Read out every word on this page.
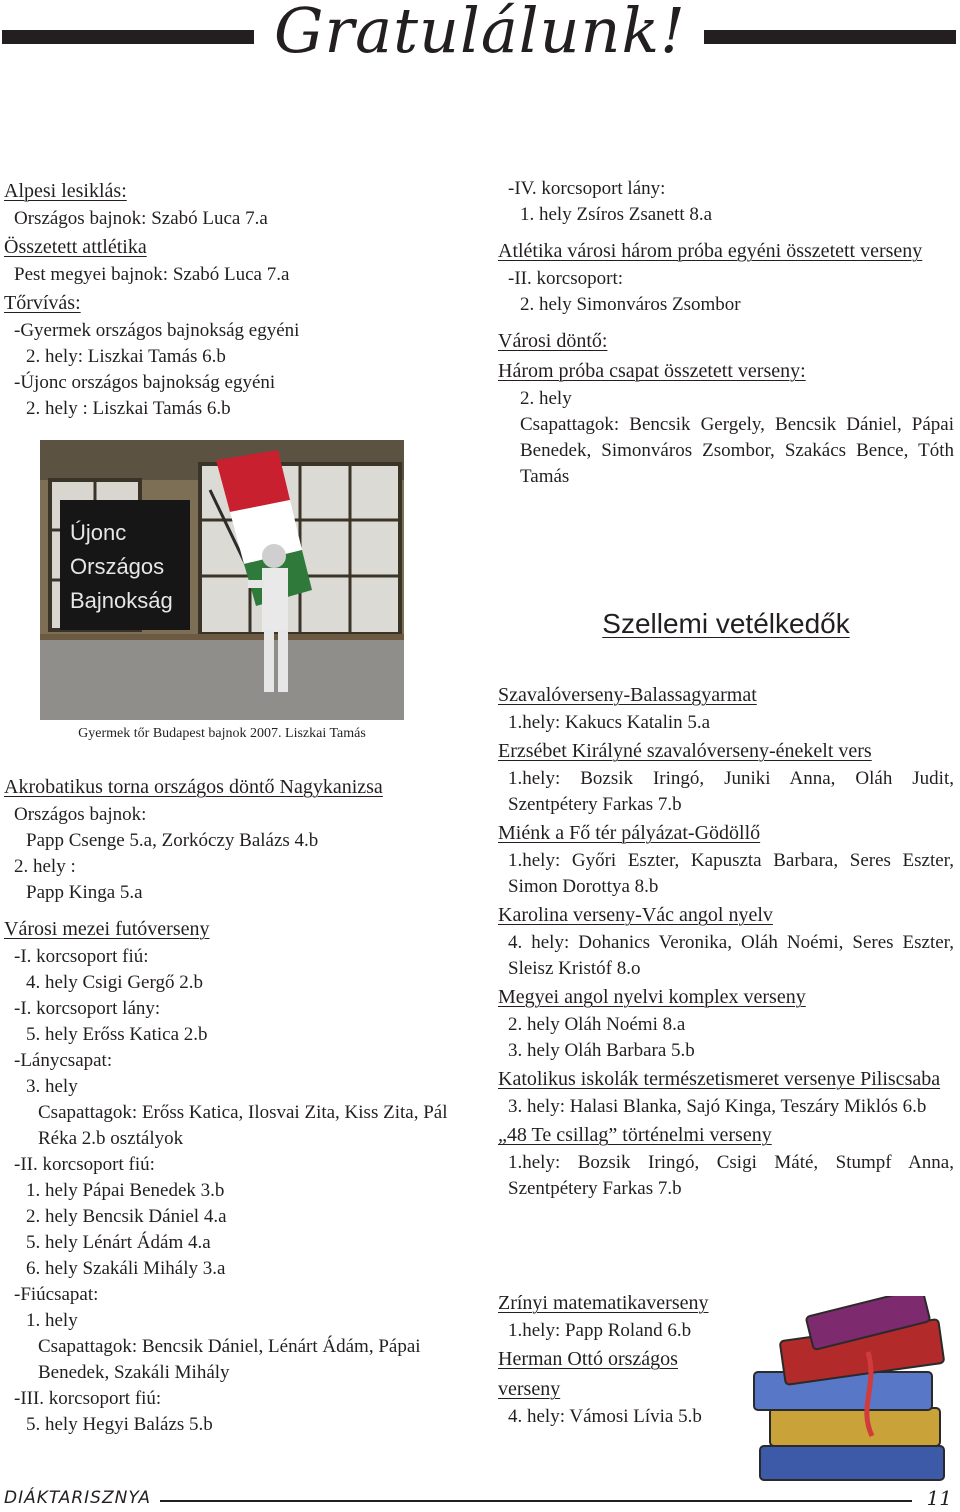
Gratulálunk!
Alpesi lesiklás:
Országos bajnok: Szabó Luca 7.a
Összetett attlétika
Pest megyei bajnok: Szabó Luca 7.a
Tőrvívás:
-Gyermek országos bajnokság egyéni
2. hely: Liszkai Tamás 6.b
-Újonc országos bajnokság egyéni
2. hely : Liszkai Tamás 6.b
Újonc
Országos
Bajnokság
Gyermek tőr Budapest bajnok 2007. Liszkai Tamás
Akrobatikus torna országos döntő Nagykanizsa
Országos bajnok:
Papp Csenge 5.a, Zorkóczy Balázs 4.b
2. hely :
Papp Kinga 5.a
Városi mezei futóverseny
-I. korcsoport fiú:
4. hely Csigi Gergő 2.b
-I. korcsoport lány:
5. hely Erőss Katica 2.b
-Lánycsapat:
3. hely
Csapattagok: Erőss Katica, Ilosvai Zita, Kiss Zita, Pál Réka 2.b osztályok
-II. korcsoport fiú:
1. hely Pápai Benedek 3.b
2. hely Bencsik Dániel 4.a
5. hely Lénárt Ádám 4.a
6. hely Szakáli Mihály 3.a
-Fiúcsapat:
1. hely
Csapattagok: Bencsik Dániel, Lénárt Ádám, Pápai Benedek, Szakáli Mihály
-III. korcsoport fiú:
5. hely Hegyi Balázs 5.b
-IV. korcsoport lány:
1. hely Zsíros Zsanett 8.a
Atlétika városi három próba egyéni összetett verseny
-II. korcsoport:
2. hely Simonváros Zsombor
Városi döntő:
Három próba csapat összetett verseny:
2. hely
Csapattagok: Bencsik Gergely, Bencsik Dániel, Pápai Benedek, Simonváros Zsombor, Szakács Bence, Tóth Tamás
Szellemi vetélkedők
Szavalóverseny-Balassagyarmat
1.hely: Kakucs Katalin 5.a
Erzsébet Királyné szavalóverseny-énekelt vers
1.hely: Bozsik Iringó, Juniki Anna, Oláh Judit, Szentpétery Farkas 7.b
Miénk a Fő tér pályázat-Gödöllő
1.hely: Győri Eszter, Kapuszta Barbara, Seres Eszter, Simon Dorottya 8.b
Karolina verseny-Vác angol nyelv
4. hely: Dohanics Veronika, Oláh Noémi, Seres Eszter, Sleisz Kristóf 8.o
Megyei angol nyelvi komplex verseny
2. hely Oláh Noémi 8.a
3. hely Oláh Barbara 5.b
Katolikus iskolák természetismeret versenye Piliscsaba
3. hely: Halasi Blanka, Sajó Kinga, Teszáry Miklós 6.b
„48 Te csillag” történelmi verseny
1.hely: Bozsik Iringó, Csigi Máté, Stumpf Anna, Szentpétery Farkas 7.b
Zrínyi matematikaverseny
1.hely: Papp Roland 6.b
Herman Ottó országos verseny
4. hely: Vámosi Lívia 5.b
DIÁKTARISZNYA	11
